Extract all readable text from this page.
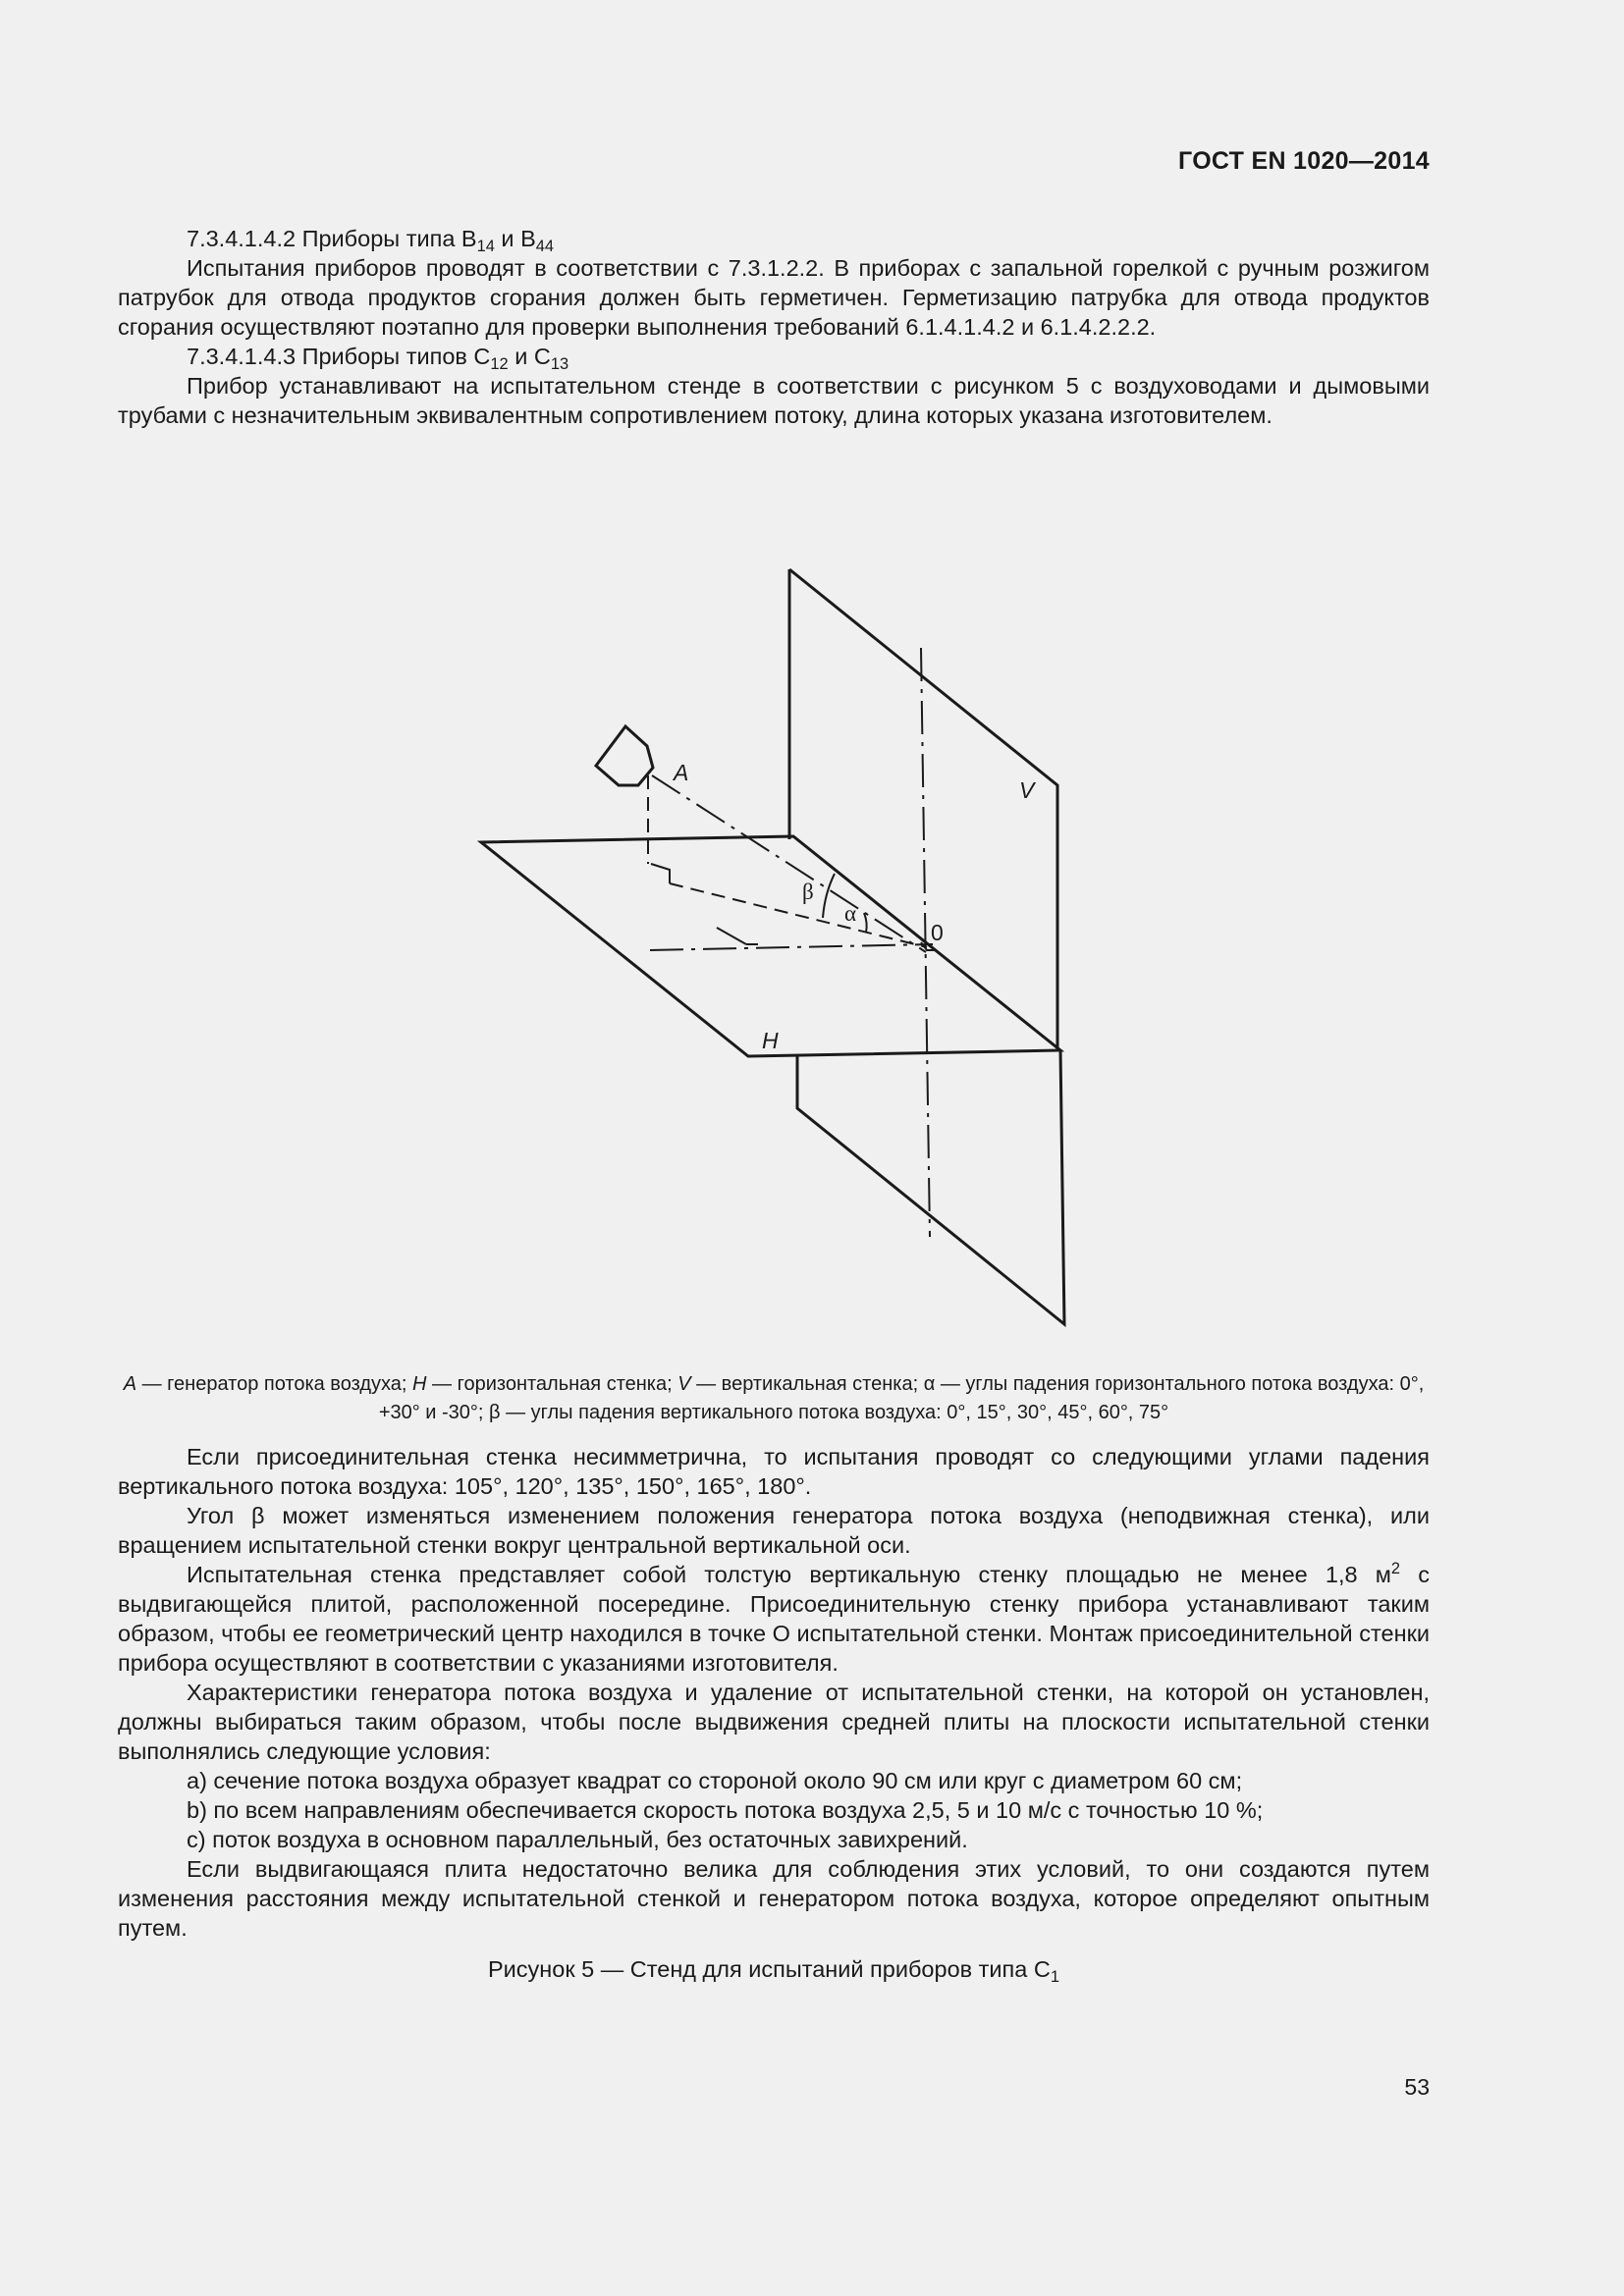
ГОСТ EN 1020—2014

7.3.4.1.4.2 Приборы типа $B_{14}$ и $B_{44}$

Испытания приборов проводят в соответствии с 7.3.1.2.2. В приборах с запальной горелкой с ручным розжигом патрубок для отвода продуктов сгорания должен быть герметичен. Герметизацию патрубка для отвода продуктов сгорания осуществляют поэтапно для проверки выполнения требований 6.1.4.1.4.2 и 6.1.4.2.2.2.

7.3.4.1.4.3 Приборы типов $C_{12}$ и $C_{13}$

Прибор устанавливают на испытательном стенде в соответствии с рисунком 5 с воздуховодами и дымовыми трубами с незначительным эквивалентным сопротивлением потоку, длина которых указана изготовителем.

A
V
H
0
β
α
A — генератор потока воздуха; H — горизонтальная стенка; V — вертикальная стенка; α — углы падения горизонтального потока воздуха: 0°, +30° и -30°; β — углы падения вертикального потока воздуха: 0°, 15°, 30°, 45°, 60°, 75°

Если присоединительная стенка несимметрична, то испытания проводят со следующими углами падения вертикального потока воздуха: 105°, 120°, 135°, 150°, 165°, 180°.

Угол β может изменяться изменением положения генератора потока воздуха (неподвижная стенка), или вращением испытательной стенки вокруг центральной вертикальной оси.

Испытательная стенка представляет собой толстую вертикальную стенку площадью не менее 1,8 $м^2$ с выдвигающейся плитой, расположенной посередине. Присоединительную стенку прибора устанавливают таким образом, чтобы ее геометрический центр находился в точке О испытательной стенки. Монтаж присоединительной стенки прибора осуществляют в соответствии с указаниями изготовителя.

Характеристики генератора потока воздуха и удаление от испытательной стенки, на которой он установлен, должны выбираться таким образом, чтобы после выдвижения средней плиты на плоскости испытательной стенки выполнялись следующие условия:

a) сечение потока воздуха образует квадрат со стороной около 90 см или круг с диаметром 60 см;

b) по всем направлениям обеспечивается скорость потока воздуха 2,5, 5 и 10 м/с с точностью 10 %;

c) поток воздуха в основном параллельный, без остаточных завихрений.

Если выдвигающаяся плита недостаточно велика для соблюдения этих условий, то они создаются путем изменения расстояния между испытательной стенкой и генератором потока воздуха, которое определяют опытным путем.

Рисунок 5 — Стенд для испытаний приборов типа $C_1$
53
